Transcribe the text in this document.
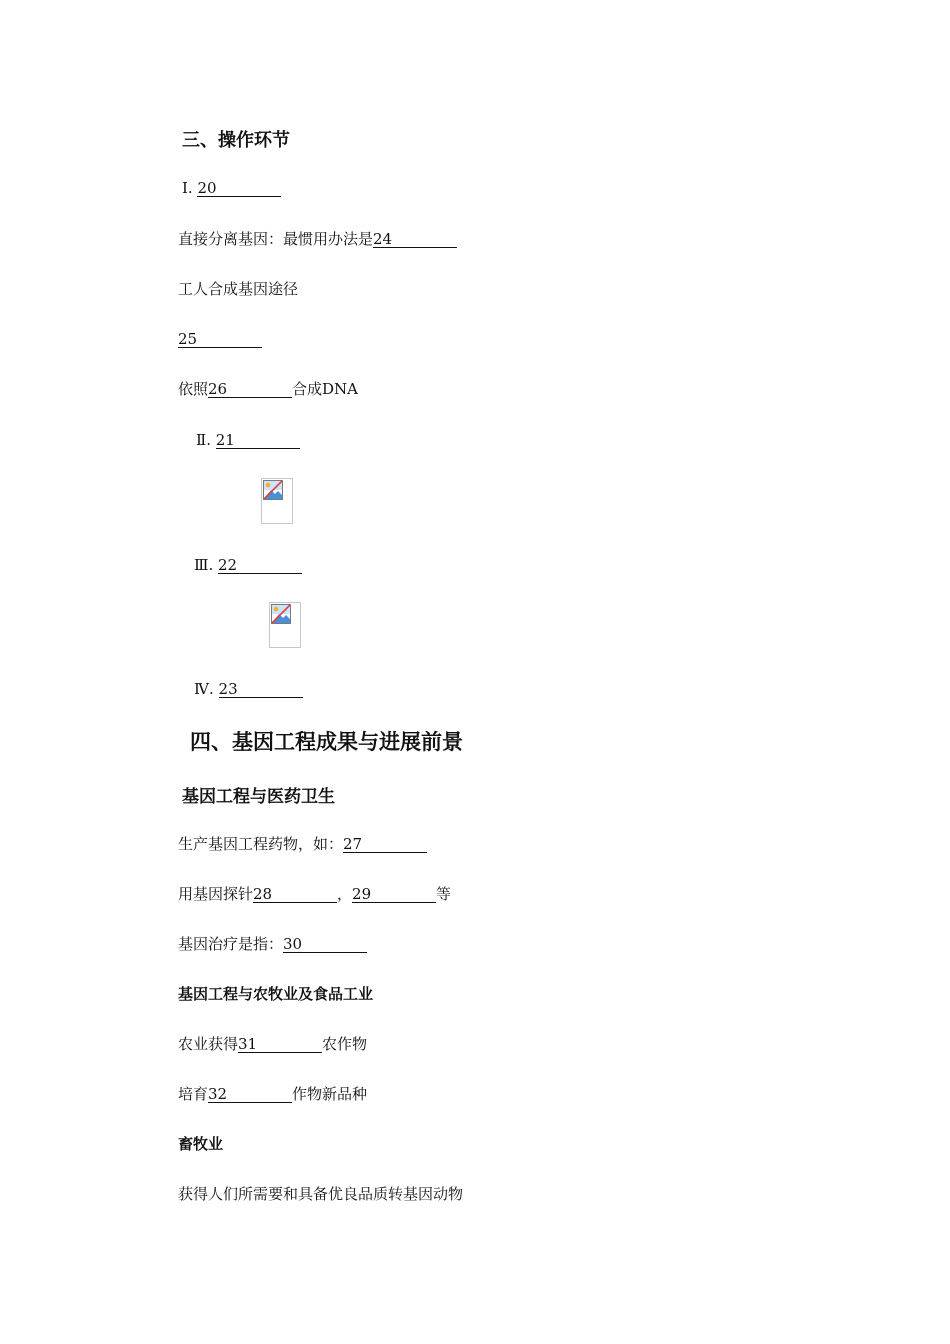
三、操作环节
Ⅰ. 20
直接分离基因：最惯用办法是24
工人合成基因途径
25
依照26	合成DNA
Ⅱ. 21
Ⅲ. 22
Ⅳ. 23
四、基因工程成果与进展前景
基因工程与医药卫生
生产基因工程药物，如：27
用基因探针28	，29	等
基因治疗是指：30
基因工程与农牧业及食品工业
农业获得31	农作物
培育32	作物新品种
畜牧业
获得人们所需要和具备优良品质转基因动物
